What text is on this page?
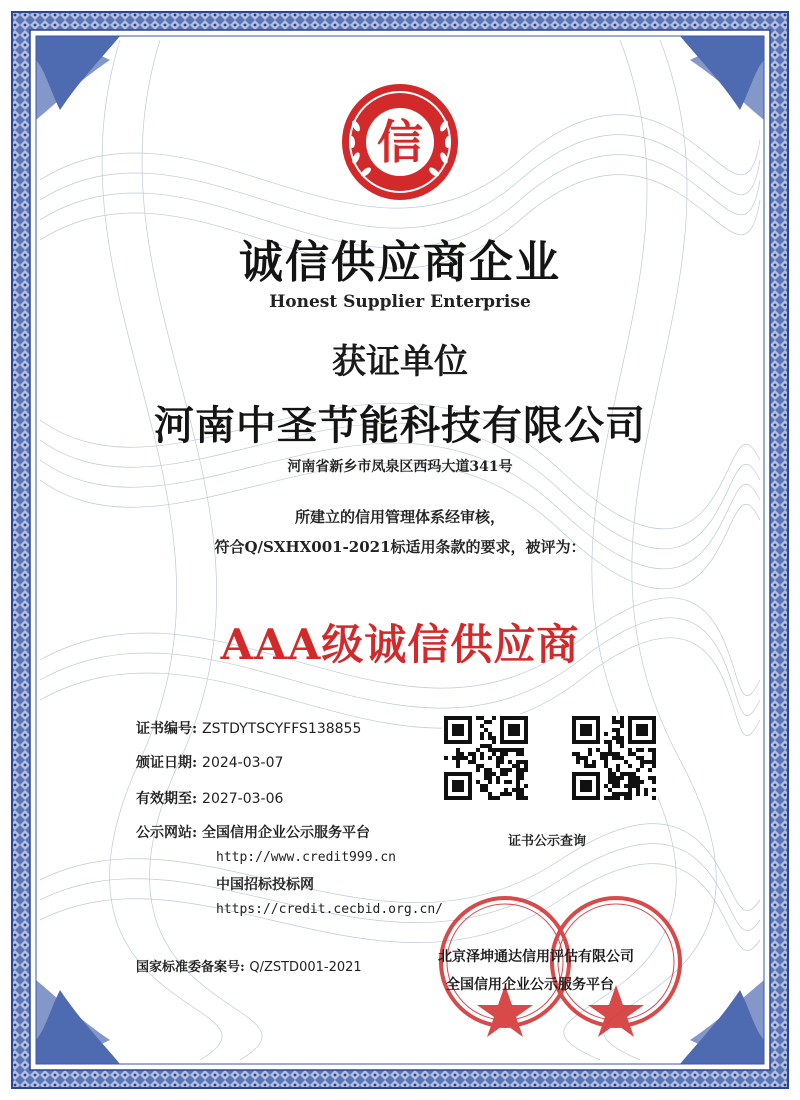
信
诚信供应商企业
Honest Supplier Enterprise
获证单位
河南中圣节能科技有限公司
河南省新乡市凤泉区西玛大道341号
所建立的信用管理体系经审核，
符合Q/SXHX001-2021标适用条款的要求，被评为：
AAA级诚信供应商
证书编号: ZSTDYTSCYFFS138855
颁证日期: 2024-03-07
有效期至: 2027-03-06
公示网站: 全国信用企业公示服务平台
http://www.credit999.cn
中国招标投标网
https://credit.cecbid.org.cn/
国家标准委备案号: Q/ZSTD001-2021
证书公示查询
北京泽坤通达信用评估有限公司
全国信用企业公示服务平台
